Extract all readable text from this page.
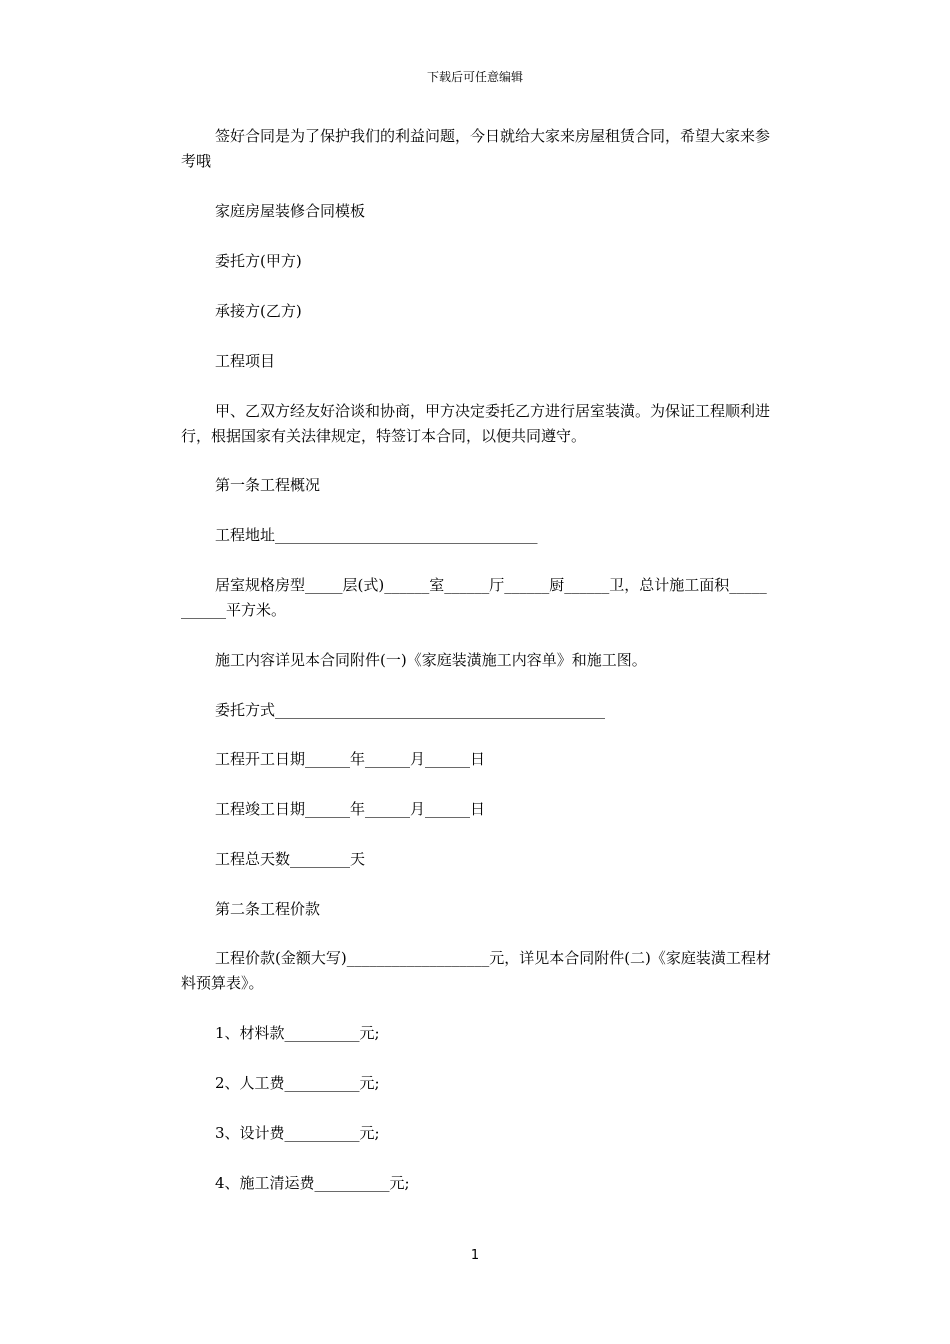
下载后可任意编辑
签好合同是为了保护我们的利益问题，今日就给大家来房屋租赁合同，希望大家来参考哦
家庭房屋装修合同模板
委托方(甲方)
承接方(乙方)
工程项目
甲、乙双方经友好洽谈和协商，甲方决定委托乙方进行居室装潢。为保证工程顺利进行，根据国家有关法律规定，特签订本合同，以便共同遵守。
第一条工程概况
工程地址___________________________________
居室规格房型_____层(式)______室______厅______厨______卫，总计施工面积___________平方米。
施工内容详见本合同附件(一)《家庭装潢施工内容单》和施工图。
委托方式____________________________________________
工程开工日期______年______月______日
工程竣工日期______年______月______日
工程总天数________天
第二条工程价款
工程价款(金额大写)___________________元，详见本合同附件(二)《家庭装潢工程材料预算表》。
1、材料款__________元;
2、人工费__________元;
3、设计费__________元;
4、施工清运费__________元;
1
